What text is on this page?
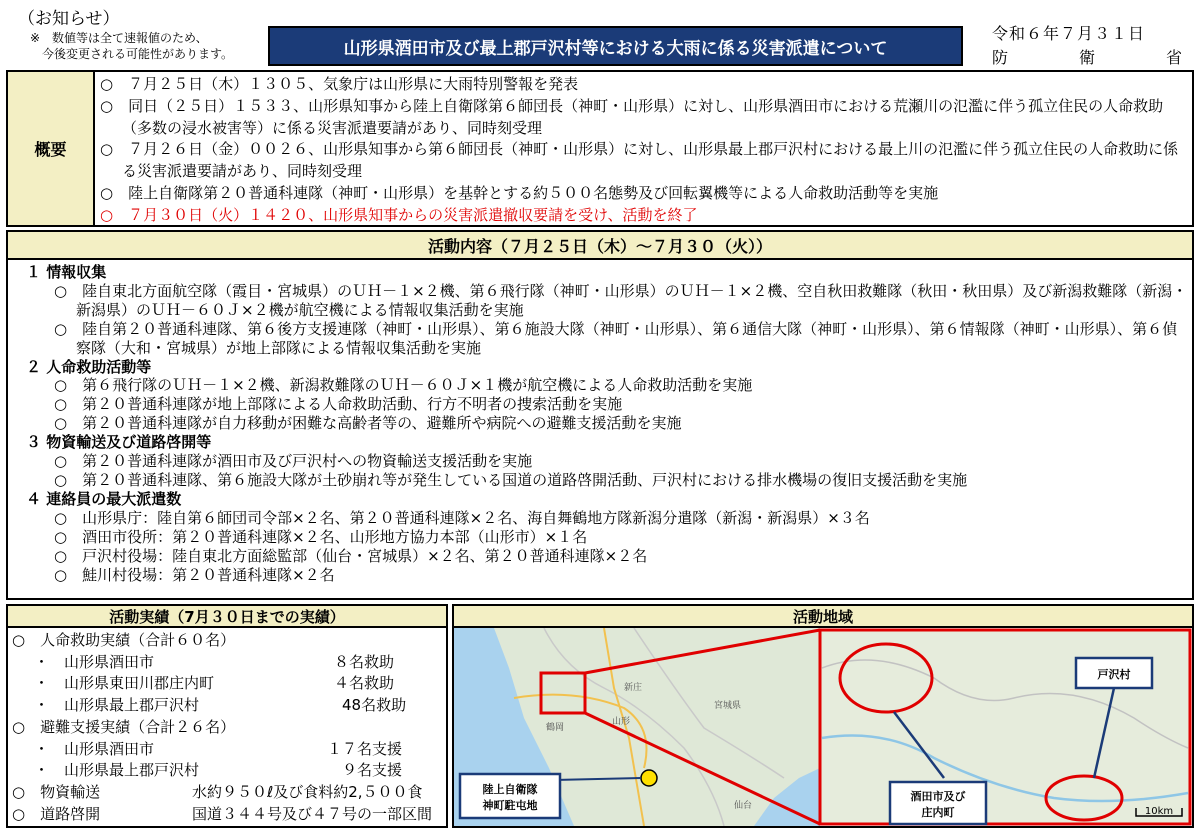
（お知らせ）
※　数値等は全て速報値のため、
　今後変更される可能性があります。	山形県酒田市及び最上郡戸沢村等における大雨に係る災害派遣について
令和６年７月３１日
防	衛	省
概要
○　７月２５日（木）１３０５、気象庁は山形県に大雨特別警報を発表
○　同日（２５日）１５３３、山形県知事から陸上自衛隊第６師団長（神町・山形県）に対し、山形県酒田市における荒瀬川の氾濫に伴う孤立住民の人命救助（多数の浸水被害等）に係る災害派遣要請があり、同時刻受理
○　７月２６日（金）００２６、山形県知事から第６師団長（神町・山形県）に対し、山形県最上郡戸沢村における最上川の氾濫に伴う孤立住民の人命救助に係る災害派遣要請があり、同時刻受理
○　陸上自衛隊第２０普通科連隊（神町・山形県）を基幹とする約５００名態勢及び回転翼機等による人命救助活動等を実施
○　７月３０日（火）１４２０、山形県知事からの災害派遣撤収要請を受け、活動を終了
活動内容（７月２５日（木）～７月３０（火））
１ 情報収集
○　陸自東北方面航空隊（霞目・宮城県）のＵＨ－１×２機、第６飛行隊（神町・山形県）のＵＨ－１×２機、空自秋田救難隊（秋田・秋田県）及び新潟救難隊（新潟・新潟県）のＵＨ－６０Ｊ×２機が航空機による情報収集活動を実施
○　陸自第２０普通科連隊、第６後方支援連隊（神町・山形県）、第６施設大隊（神町・山形県）、第６通信大隊（神町・山形県）、第６情報隊（神町・山形県）、第６偵察隊（大和・宮城県）が地上部隊による情報収集活動を実施
２ 人命救助活動等
○　第６飛行隊のＵＨ－１×２機、新潟救難隊のＵＨ－６０Ｊ×１機が航空機による人命救助活動を実施
○　第２０普通科連隊が地上部隊による人命救助活動、行方不明者の捜索活動を実施
○　第２０普通科連隊が自力移動が困難な高齢者等の、避難所や病院への避難支援活動を実施
３ 物資輸送及び道路啓開等
○　第２０普通科連隊が酒田市及び戸沢村への物資輸送支援活動を実施
○　第２０普通科連隊、第６施設大隊が土砂崩れ等が発生している国道の道路啓開活動、戸沢村における排水機場の復旧支援活動を実施
４ 連絡員の最大派遣数
○　山形県庁：陸自第６師団司令部×２名、第２０普通科連隊×２名、海自舞鶴地方隊新潟分遣隊（新潟・新潟県）×３名
○　酒田市役所：第２０普通科連隊×２名、山形地方協力本部（山形市）×１名
○　戸沢村役場：陸自東北方面総監部（仙台・宮城県）×２名、第２０普通科連隊×２名
○　鮭川村役場：第２０普通科連隊×２名
活動実績（7月３０日までの実績）
○　人命救助実績（合計６０名）
・　山形県酒田市	８名救助
・　山形県東田川郡庄内町	４名救助
・　山形県最上郡戸沢村	48名救助
○　避難支援実績（合計２６名）
・　山形県酒田市	１７名支援
・　山形県最上郡戸沢村	９名支援
○　物資輸送	水約９５０ℓ及び食料約2,５００食
○　道路啓開	国道３４４号及び４７号の一部区間
活動地域
山形
宮城県
仙台
新庄
鶴岡
陸上自衛隊
神町駐屯地
戸沢村
酒田市及び
庄内町	10km
